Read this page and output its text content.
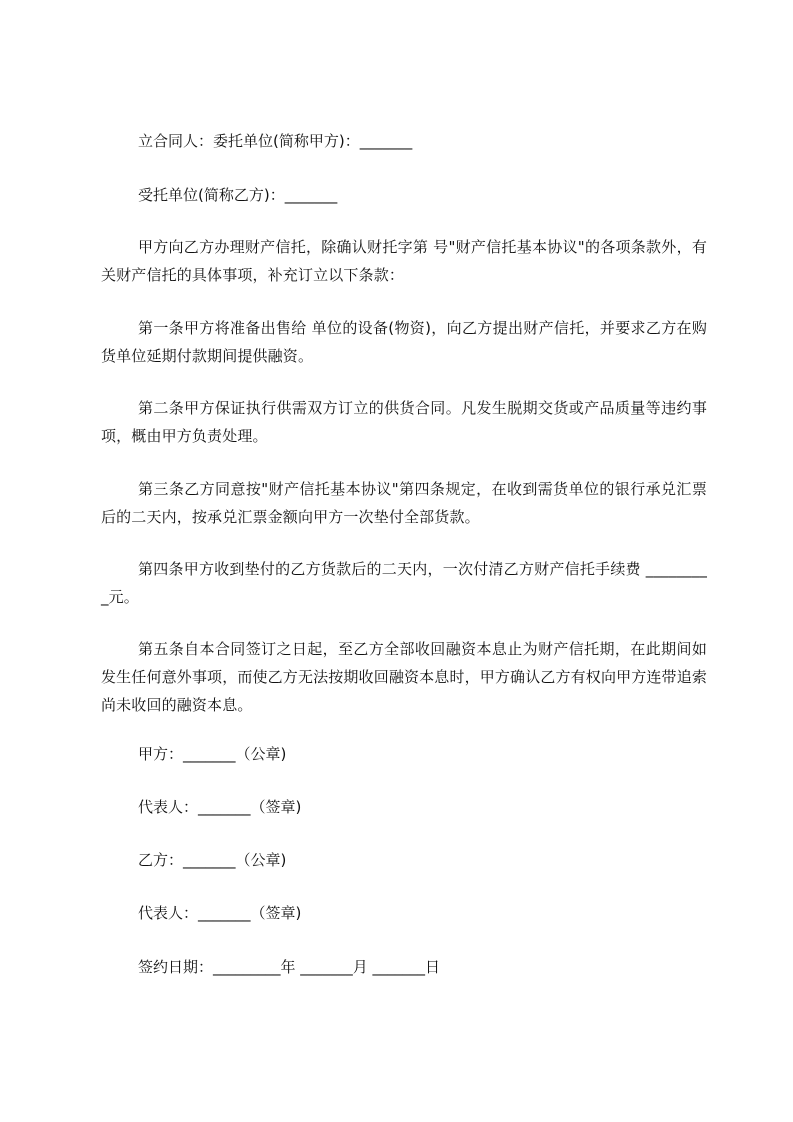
立合同人：委托单位(简称甲方)：_______

受托单位(简称乙方)：_______

甲方向乙方办理财产信托，除确认财托字第 号"财产信托基本协议"的各项条款外，有关财产信托的具体事项，补充订立以下条款：

第一条甲方将准备出售给 单位的设备(物资)，向乙方提出财产信托，并要求乙方在购货单位延期付款期间提供融资。

第二条甲方保证执行供需双方订立的供货合同。凡发生脱期交货或产品质量等违约事项，概由甲方负责处理。

第三条乙方同意按"财产信托基本协议"第四条规定，在收到需货单位的银行承兑汇票后的二天内，按承兑汇票金额向甲方一次垫付全部货款。

第四条甲方收到垫付的乙方货款后的二天内，一次付清乙方财产信托手续费 _________元。

第五条自本合同签订之日起，至乙方全部收回融资本息止为财产信托期，在此期间如发生任何意外事项，而使乙方无法按期收回融资本息时，甲方确认乙方有权向甲方连带追索尚未收回的融资本息。

甲方：_______（公章)

代表人：_______（签章)

乙方：_______（公章)

代表人：_______（签章)

签约日期：_________年 _______月 _______日
